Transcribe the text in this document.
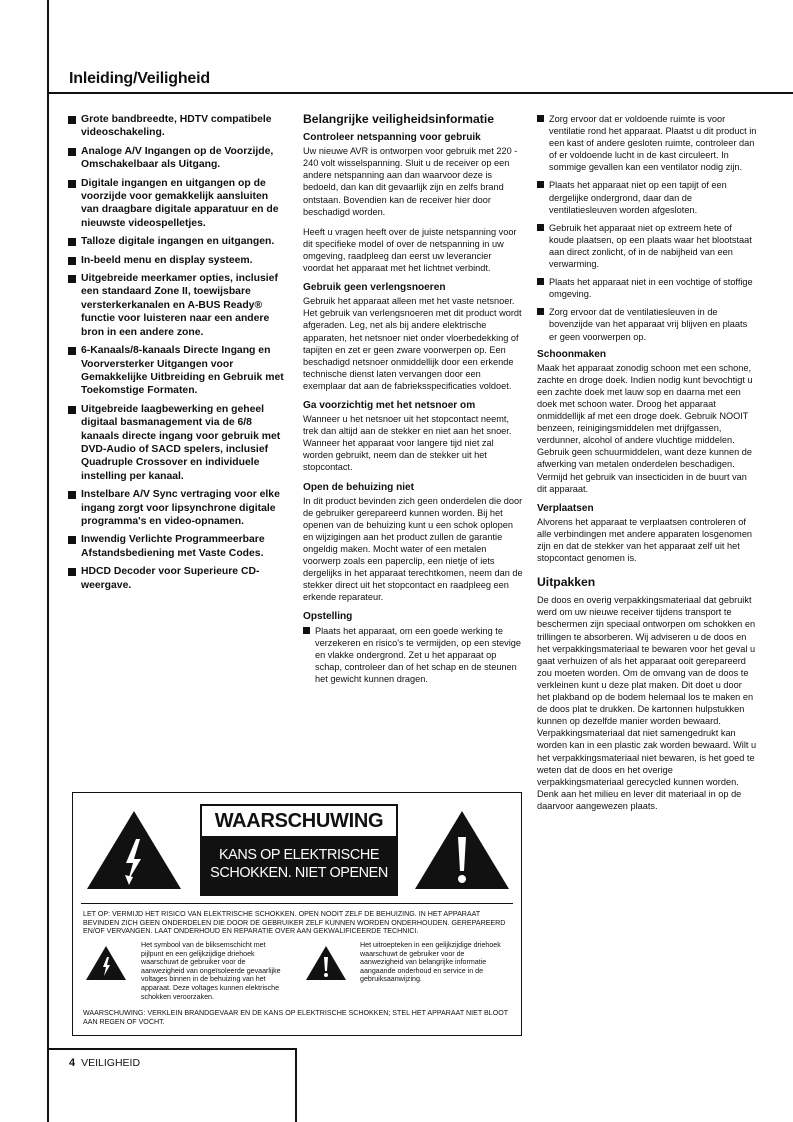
Inleiding/Veiligheid
Grote bandbreedte, HDTV compatibele videoschakeling.
Analoge A/V Ingangen op de Voorzijde, Omschakelbaar als Uitgang.
Digitale ingangen en uitgangen op de voorzijde voor gemakkelijk aansluiten van draagbare digitale apparatuur en de nieuwste videospelletjes.
Talloze digitale ingangen en uitgangen.
In-beeld menu en display systeem.
Uitgebreide meerkamer opties, inclusief een standaard Zone II, toewijsbare versterkerkanalen en A-BUS Ready® functie voor luisteren naar een andere bron in een andere zone.
6-Kanaals/8-kanaals Directe Ingang en Voorversterker Uitgangen voor Gemakkelijke Uitbreiding en Gebruik met Toekomstige Formaten.
Uitgebreide laagbewerking en geheel digitaal basmanagement via de 6/8 kanaals directe ingang voor gebruik met DVD-Audio of SACD spelers, inclusief Quadruple Crossover en individuele instelling per kanaal.
Instelbare A/V Sync vertraging voor elke ingang zorgt voor lipsynchrone digitale programma's en video-opnamen.
Inwendig Verlichte Programmeerbare Afstandsbediening met Vaste Codes.
HDCD Decoder voor Superieure CD-weergave.
Belangrijke veiligheidsinformatie
Controleer netspanning voor gebruik

Uw nieuwe AVR is ontworpen voor gebruik met 220 - 240 volt wisselspanning. Sluit u de receiver op een andere netspanning aan dan waarvoor deze is bedoeld, dan kan dit gevaarlijk zijn en zelfs brand ontstaan. Bovendien kan de receiver hier door beschadigd worden.

Heeft u vragen heeft over de juiste netspanning voor dit specifieke model of over de netspanning in uw omgeving, raadpleeg dan eerst uw leverancier voordat het apparaat met het lichtnet verbindt.

Gebruik geen verlengsnoeren

Gebruik het apparaat alleen met het vaste netsnoer. Het gebruik van verlengsnoeren met dit product wordt afgeraden. Leg, net als bij andere elektrische apparaten, het netsnoer niet onder vloerbedekking of tapijten en zet er geen zware voorwerpen op. Een beschadigd netsnoer onmiddellijk door een erkende technische dienst laten vervangen door een exemplaar dat aan de fabrieksspecificaties voldoet.

Ga voorzichtig met het netsnoer om

Wanneer u het netsnoer uit het stopcontact neemt, trek dan altijd aan de stekker en niet aan het snoer. Wanneer het apparaat voor langere tijd niet zal worden gebruikt, neem dan de stekker uit het stopcontact.

Open de behuizing niet

In dit product bevinden zich geen onderdelen die door de gebruiker gerepareerd kunnen worden. Bij het openen van de behuizing kunt u een schok oplopen en wijzigingen aan het product zullen de garantie ongeldig maken. Mocht water of een metalen voorwerp zoals een paperclip, een nietje of iets dergelijks in het apparaat terechtkomen, neem dan de stekker direct uit het stopcontact en raadpleeg een erkende reparateur.

Opstelling
Plaats het apparaat, om een goede werking te verzekeren en risico's te vermijden, op een stevige en vlakke ondergrond. Zet u het apparaat op schap, controleer dan of het schap en de steunen het gewicht kunnen dragen.
Zorg ervoor dat er voldoende ruimte is voor ventilatie rond het apparaat. Plaatst u dit product in een kast of andere gesloten ruimte, controleer dan of er voldoende lucht in de kast circuleert. In sommige gevallen kan een ventilator nodig zijn.
Plaats het apparaat niet op een tapijt of een dergelijke ondergrond, daar dan de ventilatiesleuven worden afgesloten.
Gebruik het apparaat niet op extreem hete of koude plaatsen, op een plaats waar het blootstaat aan direct zonlicht, of in de nabijheid van een verwarming.
Plaats het apparaat niet in een vochtige of stoffige omgeving.
Zorg ervoor dat de ventilatiesleuven in de bovenzijde van het apparaat vrij blijven en plaats er geen voorwerpen op.
Schoonmaken

Maak het apparaat zonodig schoon met een schone, zachte en droge doek. Indien nodig kunt bevochtigt u een zachte doek met lauw sop en daarna met een doek met schoon water. Droog het apparaat onmiddellijk af met een droge doek. Gebruik NOOIT benzeen, reinigingsmiddelen met drijfgassen, verdunner, alcohol of andere vluchtige middelen. Gebruik geen schuurmiddelen, want deze kunnen de afwerking van metalen onderdelen beschadigen. Vermijd het gebruik van insecticiden in de buurt van dit apparaat.

Verplaatsen

Alvorens het apparaat te verplaatsen controleren of alle verbindingen met andere apparaten losgenomen zijn en dat de stekker van het apparaat zelf uit het stopcontact genomen is.

Uitpakken

De doos en overig verpakkingsmateriaal dat gebruikt werd om uw nieuwe receiver tijdens transport te beschermen zijn speciaal ontworpen om schokken en trillingen te absorberen. Wij adviseren u de doos en het verpakkingsmateriaal te bewaren voor het geval u gaat verhuizen of als het apparaat ooit gerepareerd zou moeten worden. Om de omvang van de doos te verkleinen kunt u deze plat maken. Dit doet u door het plakband op de bodem helemaal los te maken en de doos plat te drukken. De kartonnen hulpstukken kunnen op dezelfde manier worden bewaard. Verpakkingsmateriaal dat niet samengedrukt kan worden kan in een plastic zak worden bewaard. Wilt u het verpakkingsmateriaal niet bewaren, is het goed te weten dat de doos en het overige verpakkingsmateriaal gerecycled kunnen worden. Denk aan het milieu en lever dit materiaal in op de daarvoor aangewezen plaats.

WAARSCHUWING
KANS OP ELEKTRISCHE
SCHOKKEN. NIET OPENEN
LET OP: VERMIJD HET RISICO VAN ELEKTRISCHE SCHOKKEN. OPEN NOOIT ZELF DE BEHUIZING. IN HET APPARAAT BEVINDEN ZICH GEEN ONDERDELEN DIE DOOR DE GEBRUIKER ZELF KUNNEN WORDEN ONDERHOUDEN. GEREPAREERD EN/OF VERVANGEN. LAAT ONDERHOUD EN REPARATIE OVER AAN GEKWALIFICEERDE TECHNICI.
Het symbool van de bliksemschicht met pijlpunt en een gelijkzijdige driehoek waarschuwt de gebruiker voor de aanwezigheid van ongeïsoleerde gevaarlijke voltages binnen in de behuizing van het apparaat. Deze voltages kunnen elektrische schokken veroorzaken.
Het uitroepteken in een gelijkzijdige driehoek waarschuwt de gebruiker voor de aanwezigheid van belangrijke informatie aangaande onderhoud en service in de gebruiksaanwijzing.
WAARSCHUWING: VERKLEIN BRANDGEVAAR EN DE KANS OP ELEKTRISCHE SCHOKKEN; STEL HET APPARAAT NIET BLOOT AAN REGEN OF VOCHT.
4 VEILIGHEID
